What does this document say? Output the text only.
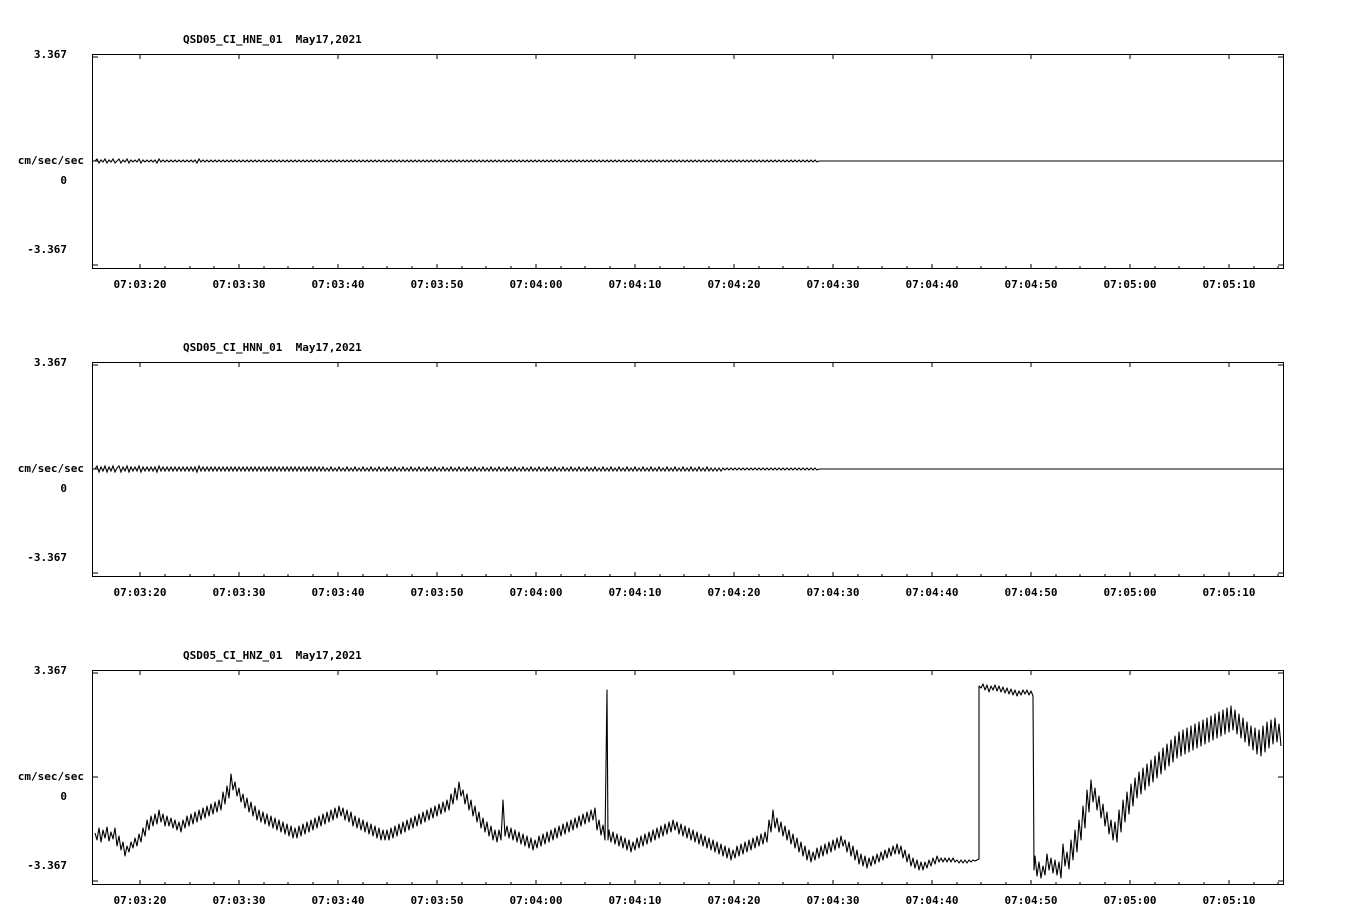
QSD05_CI_HNE_01  May17,2021
cm/sec/sec
3.367
0
-3.367
07:03:20	07:03:30	07:03:40	07:03:50	07:04:00	07:04:10	07:04:20	07:04:30	07:04:40	07:04:50	07:05:00	07:05:10
QSD05_CI_HNN_01  May17,2021
cm/sec/sec
3.367
0
-3.367
07:03:20	07:03:30	07:03:40	07:03:50	07:04:00	07:04:10	07:04:20	07:04:30	07:04:40	07:04:50	07:05:00	07:05:10
QSD05_CI_HNZ_01  May17,2021
cm/sec/sec
3.367
0
-3.367
07:03:20	07:03:30	07:03:40	07:03:50	07:04:00	07:04:10	07:04:20	07:04:30	07:04:40	07:04:50	07:05:00	07:05:10
